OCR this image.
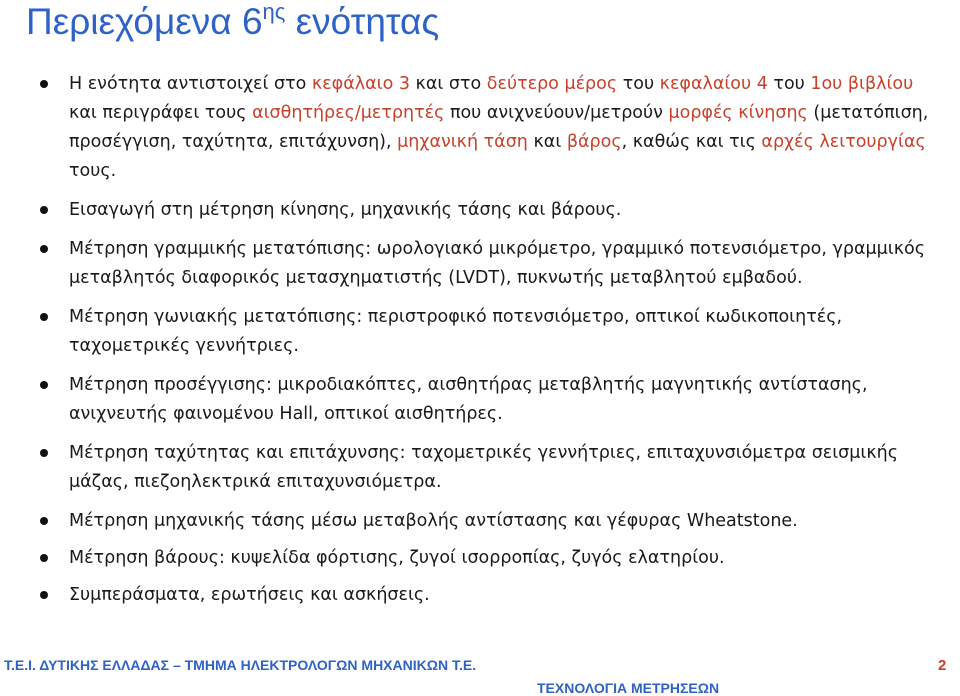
Περιεχόμενα $6^{\eta\varsigma}$ ενότητας
Η ενότητα αντιστοιχεί στο κεφάλαιο 3 και στο δεύτερο μέρος του κεφαλαίου 4 του 1ου βιβλίου και περιγράφει τους αισθητήρες/μετρητές που ανιχνεύουν/μετρούν μορφές κίνησης (μετατόπιση, προσέγγιση, ταχύτητα, επιτάχυνση), μηχανική τάση και βάρος, καθώς και τις αρχές λειτουργίας τους.
Εισαγωγή στη μέτρηση κίνησης, μηχανικής τάσης και βάρους.
Μέτρηση γραμμικής μετατόπισης: ωρολογιακό μικρόμετρο, γραμμικό ποτενσιόμετρο, γραμμικός μεταβλητός διαφορικός μετασχηματιστής (LVDT), πυκνωτής μεταβλητού εμβαδού.
Μέτρηση γωνιακής μετατόπισης: περιστροφικό ποτενσιόμετρο, οπτικοί κωδικοποιητές, ταχομετρικές γεννήτριες.
Μέτρηση προσέγγισης: μικροδιακόπτες, αισθητήρας μεταβλητής μαγνητικής αντίστασης, ανιχνευτής φαινομένου Hall, οπτικοί αισθητήρες.
Μέτρηση ταχύτητας και επιτάχυνσης: ταχομετρικές γεννήτριες, επιταχυνσιόμετρα σεισμικής μάζας, πιεζοηλεκτρικά επιταχυνσιόμετρα.
Μέτρηση μηχανικής τάσης μέσω μεταβολής αντίστασης και γέφυρας Wheatstone.
Μέτρηση βάρους: κυψελίδα φόρτισης, ζυγοί ισορροπίας, ζυγός ελατηρίου.
Συμπεράσματα, ερωτήσεις και ασκήσεις.
Τ.Ε.Ι. ΔΥΤΙΚΗΣ ΕΛΛΑΔΑΣ – ΤΜΗΜΑ ΗΛΕΚΤΡΟΛΟΓΩΝ ΜΗΧΑΝΙΚΩΝ Τ.Ε.
ΤΕΧΝΟΛΟΓΙΑ ΜΕΤΡΗΣΕΩΝ
2
